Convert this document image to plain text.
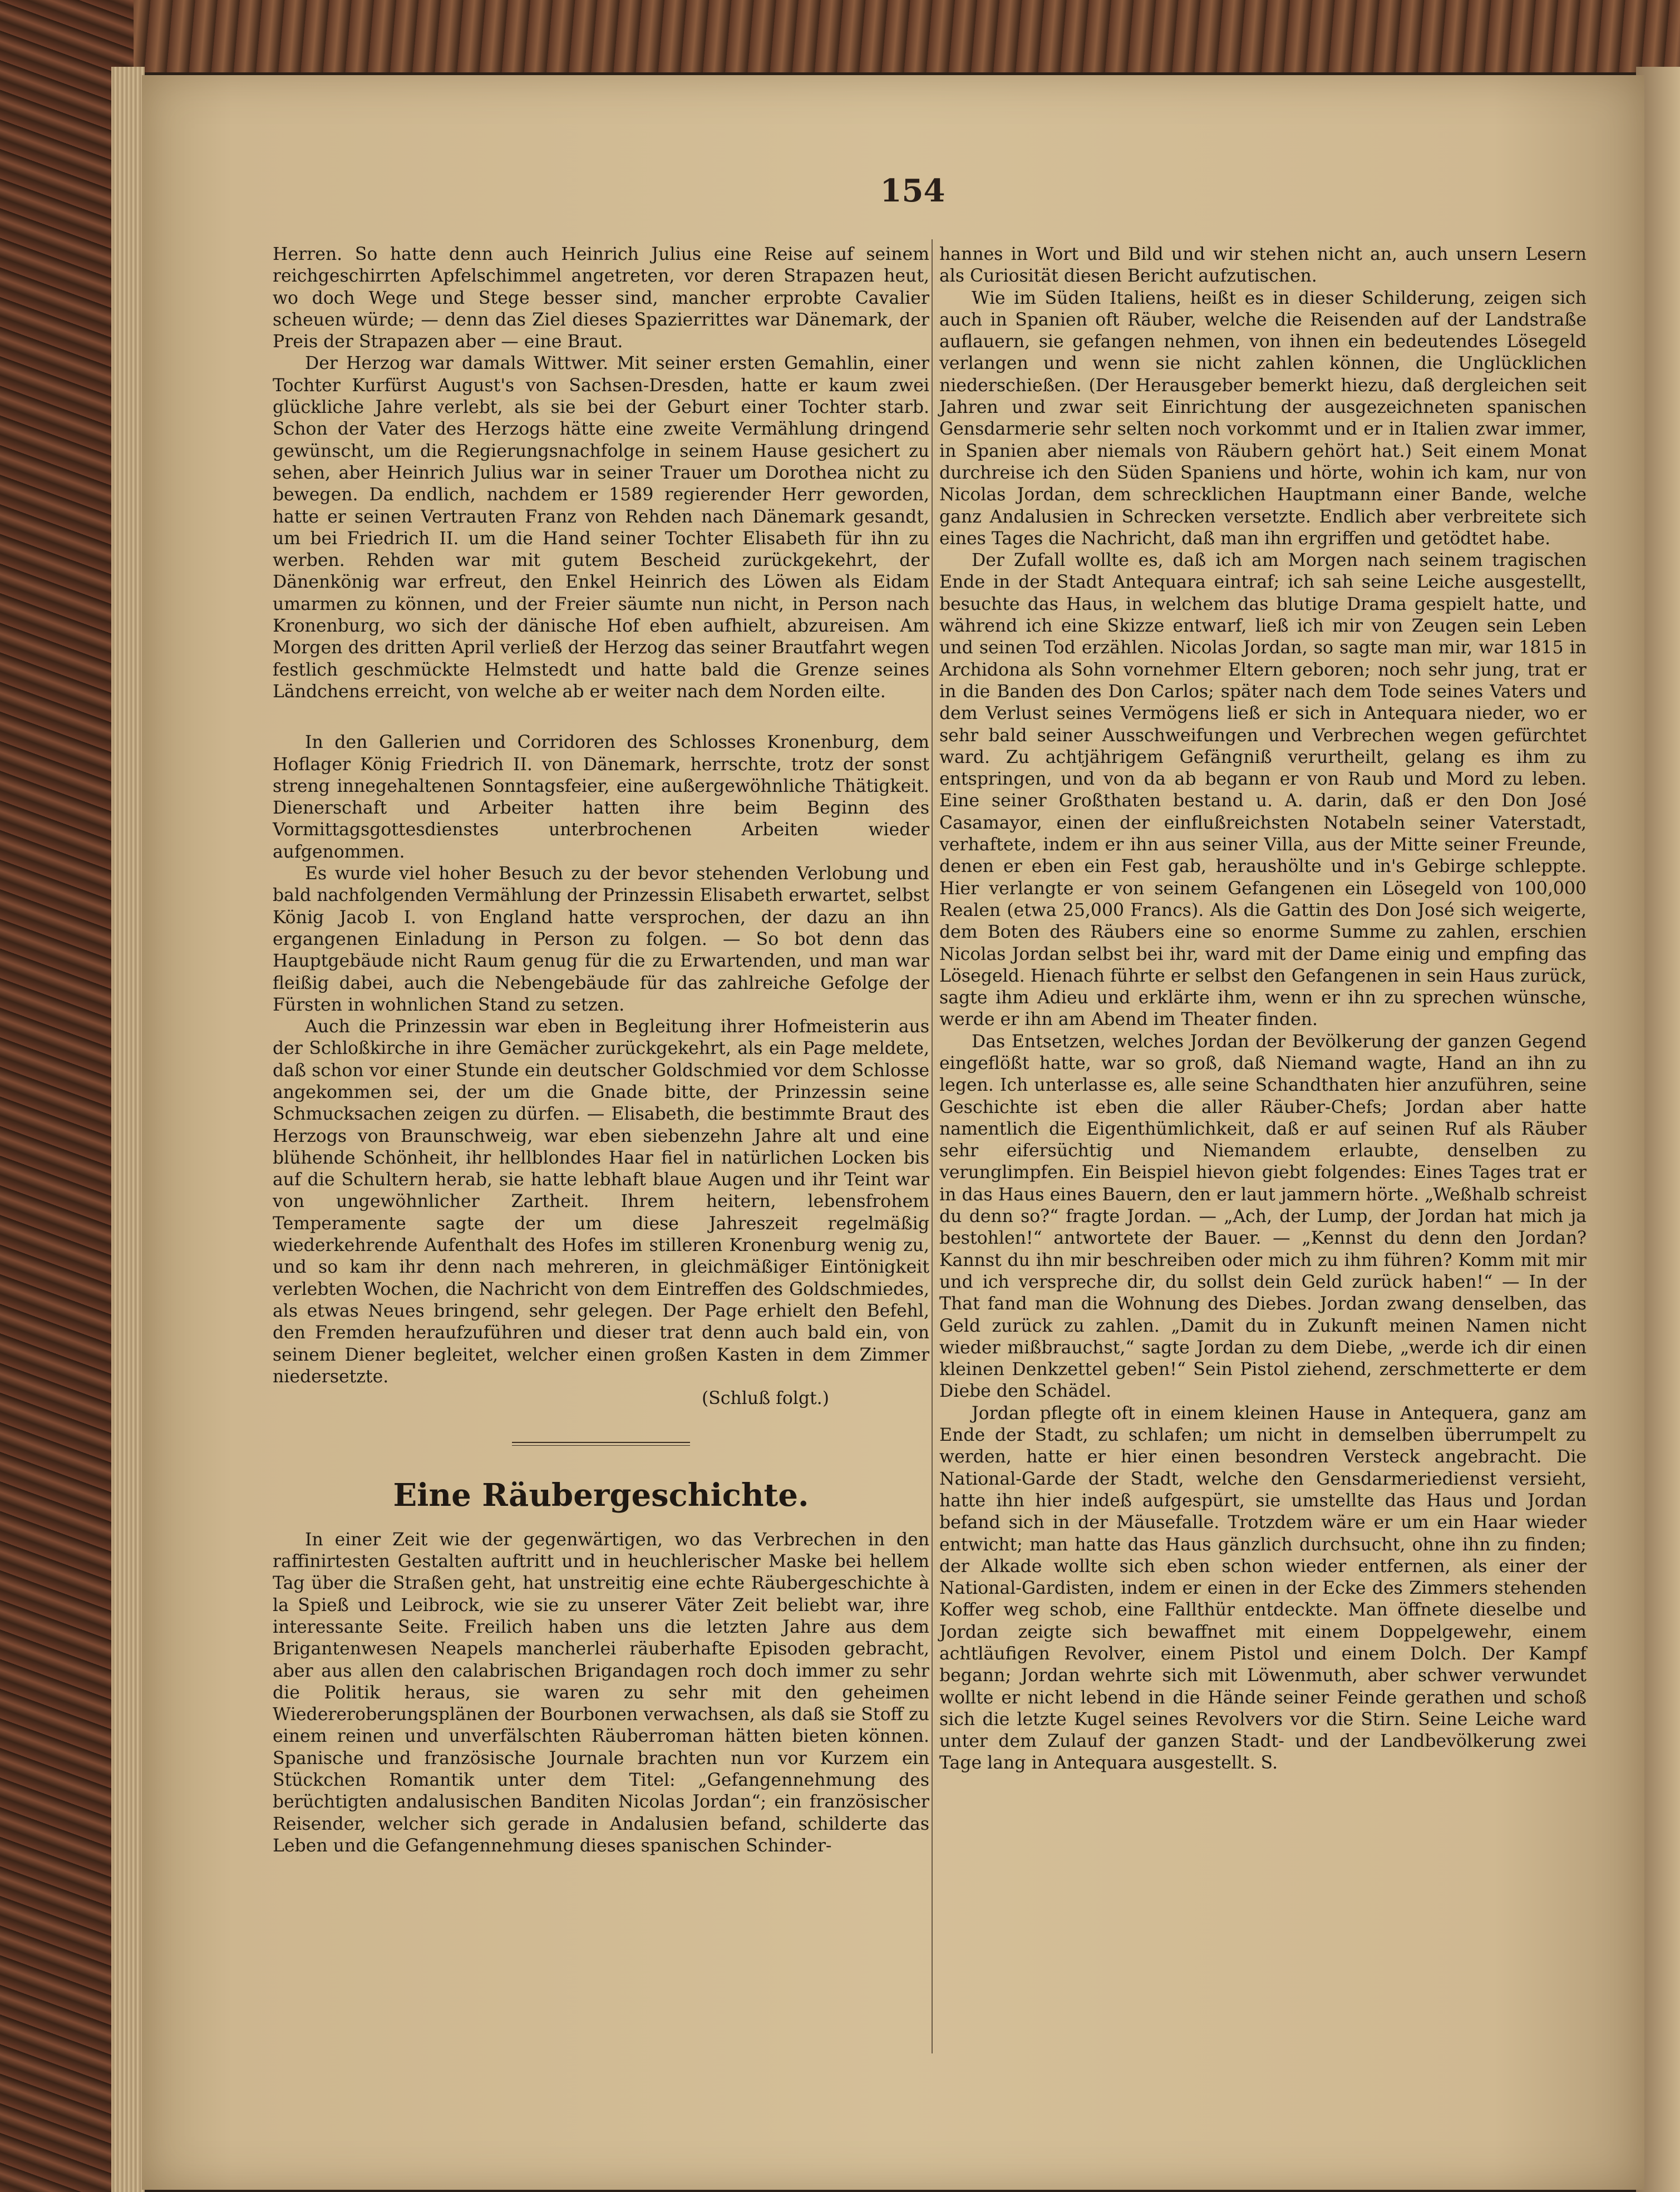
154

Herren. So hatte denn auch Heinrich Julius eine Reise auf seinem reichgeschirrten Apfelschimmel angetreten, vor deren Strapazen heut, wo doch Wege und Stege besser sind, mancher erprobte Cavalier scheuen würde; — denn das Ziel dieses Spazierrittes war Dänemark, der Preis der Strapazen aber — eine Braut.

Der Herzog war damals Wittwer. Mit seiner ersten Gemahlin, einer Tochter Kurfürst August's von Sachsen-Dresden, hatte er kaum zwei glückliche Jahre verlebt, als sie bei der Geburt einer Tochter starb. Schon der Vater des Herzogs hätte eine zweite Vermählung dringend gewünscht, um die Regierungsnachfolge in seinem Hause gesichert zu sehen, aber Heinrich Julius war in seiner Trauer um Dorothea nicht zu bewegen. Da endlich, nachdem er 1589 regierender Herr geworden, hatte er seinen Vertrauten Franz von Rehden nach Dänemark gesandt, um bei Friedrich II. um die Hand seiner Tochter Elisabeth für ihn zu werben. Rehden war mit gutem Bescheid zurückgekehrt, der Dänenkönig war erfreut, den Enkel Heinrich des Löwen als Eidam umarmen zu können, und der Freier säumte nun nicht, in Person nach Kronenburg, wo sich der dänische Hof eben aufhielt, abzureisen. Am Morgen des dritten April verließ der Herzog das seiner Brautfahrt wegen festlich geschmückte Helmstedt und hatte bald die Grenze seines Ländchens erreicht, von welche ab er weiter nach dem Norden eilte.

In den Gallerien und Corridoren des Schlosses Kronenburg, dem Hoflager König Friedrich II. von Dänemark, herrschte, trotz der sonst streng innegehaltenen Sonntagsfeier, eine außergewöhnliche Thätigkeit. Dienerschaft und Arbeiter hatten ihre beim Beginn des Vormittagsgottesdienstes unterbrochenen Arbeiten wieder aufgenommen.

Es wurde viel hoher Besuch zu der bevor stehenden Verlobung und bald nachfolgenden Vermählung der Prinzessin Elisabeth erwartet, selbst König Jacob I. von England hatte versprochen, der dazu an ihn ergangenen Einladung in Person zu folgen. — So bot denn das Hauptgebäude nicht Raum genug für die zu Erwartenden, und man war fleißig dabei, auch die Nebengebäude für das zahlreiche Gefolge der Fürsten in wohnlichen Stand zu setzen.

Auch die Prinzessin war eben in Begleitung ihrer Hofmeisterin aus der Schloßkirche in ihre Gemächer zurückgekehrt, als ein Page meldete, daß schon vor einer Stunde ein deutscher Goldschmied vor dem Schlosse angekommen sei, der um die Gnade bitte, der Prinzessin seine Schmucksachen zeigen zu dürfen. — Elisabeth, die bestimmte Braut des Herzogs von Braunschweig, war eben siebenzehn Jahre alt und eine blühende Schönheit, ihr hellblondes Haar fiel in natürlichen Locken bis auf die Schultern herab, sie hatte lebhaft blaue Augen und ihr Teint war von ungewöhnlicher Zartheit. Ihrem heitern, lebensfrohem Temperamente sagte der um diese Jahreszeit regelmäßig wiederkehrende Aufenthalt des Hofes im stilleren Kronenburg wenig zu, und so kam ihr denn nach mehreren, in gleichmäßiger Eintönigkeit verlebten Wochen, die Nachricht von dem Eintreffen des Goldschmiedes, als etwas Neues bringend, sehr gelegen. Der Page erhielt den Befehl, den Fremden heraufzuführen und dieser trat denn auch bald ein, von seinem Diener begleitet, welcher einen großen Kasten in dem Zimmer niedersetzte.

(Schluß folgt.)

Eine Räubergeschichte.

In einer Zeit wie der gegenwärtigen, wo das Verbrechen in den raffinirtesten Gestalten auftritt und in heuchlerischer Maske bei hellem Tag über die Straßen geht, hat unstreitig eine echte Räubergeschichte à la Spieß und Leibrock, wie sie zu unserer Väter Zeit beliebt war, ihre interessante Seite. Freilich haben uns die letzten Jahre aus dem Brigantenwesen Neapels mancherlei räuberhafte Episoden gebracht, aber aus allen den calabrischen Brigandagen roch doch immer zu sehr die Politik heraus, sie waren zu sehr mit den geheimen Wiedereroberungsplänen der Bourbonen verwachsen, als daß sie Stoff zu einem reinen und unverfälschten Räuberroman hätten bieten können. Spanische und französische Journale brachten nun vor Kurzem ein Stückchen Romantik unter dem Titel: „Gefangennehmung des berüchtigten andalusischen Banditen Nicolas Jordan“; ein französischer Reisender, welcher sich gerade in Andalusien befand, schilderte das Leben und die Gefangennehmung dieses spanischen Schinder-

hannes in Wort und Bild und wir stehen nicht an, auch unsern Lesern als Curiosität diesen Bericht aufzutischen.

Wie im Süden Italiens, heißt es in dieser Schilderung, zeigen sich auch in Spanien oft Räuber, welche die Reisenden auf der Landstraße auflauern, sie gefangen nehmen, von ihnen ein bedeutendes Lösegeld verlangen und wenn sie nicht zahlen können, die Unglücklichen niederschießen. (Der Herausgeber bemerkt hiezu, daß dergleichen seit Jahren und zwar seit Einrichtung der ausgezeichneten spanischen Gensdarmerie sehr selten noch vorkommt und er in Italien zwar immer, in Spanien aber niemals von Räubern gehört hat.) Seit einem Monat durchreise ich den Süden Spaniens und hörte, wohin ich kam, nur von Nicolas Jordan, dem schrecklichen Hauptmann einer Bande, welche ganz Andalusien in Schrecken versetzte. Endlich aber verbreitete sich eines Tages die Nachricht, daß man ihn ergriffen und getödtet habe.

Der Zufall wollte es, daß ich am Morgen nach seinem tragischen Ende in der Stadt Antequara eintraf; ich sah seine Leiche ausgestellt, besuchte das Haus, in welchem das blutige Drama gespielt hatte, und während ich eine Skizze entwarf, ließ ich mir von Zeugen sein Leben und seinen Tod erzählen. Nicolas Jordan, so sagte man mir, war 1815 in Archidona als Sohn vornehmer Eltern geboren; noch sehr jung, trat er in die Banden des Don Carlos; später nach dem Tode seines Vaters und dem Verlust seines Vermögens ließ er sich in Antequara nieder, wo er sehr bald seiner Ausschweifungen und Verbrechen wegen gefürchtet ward. Zu achtjährigem Gefängniß verurtheilt, gelang es ihm zu entspringen, und von da ab begann er von Raub und Mord zu leben. Eine seiner Großthaten bestand u. A. darin, daß er den Don José Casamayor, einen der einflußreichsten Notabeln seiner Vaterstadt, verhaftete, indem er ihn aus seiner Villa, aus der Mitte seiner Freunde, denen er eben ein Fest gab, heraushölte und in's Gebirge schleppte. Hier verlangte er von seinem Gefangenen ein Lösegeld von 100,000 Realen (etwa 25,000 Francs). Als die Gattin des Don José sich weigerte, dem Boten des Räubers eine so enorme Summe zu zahlen, erschien Nicolas Jordan selbst bei ihr, ward mit der Dame einig und empfing das Lösegeld. Hienach führte er selbst den Gefangenen in sein Haus zurück, sagte ihm Adieu und erklärte ihm, wenn er ihn zu sprechen wünsche, werde er ihn am Abend im Theater finden.

Das Entsetzen, welches Jordan der Bevölkerung der ganzen Gegend eingeflößt hatte, war so groß, daß Niemand wagte, Hand an ihn zu legen. Ich unterlasse es, alle seine Schandthaten hier anzuführen, seine Geschichte ist eben die aller Räuber-Chefs; Jordan aber hatte namentlich die Eigenthümlichkeit, daß er auf seinen Ruf als Räuber sehr eifersüchtig und Niemandem erlaubte, denselben zu verunglimpfen. Ein Beispiel hievon giebt folgendes: Eines Tages trat er in das Haus eines Bauern, den er laut jammern hörte. „Weßhalb schreist du denn so?“ fragte Jordan. — „Ach, der Lump, der Jordan hat mich ja bestohlen!“ antwortete der Bauer. — „Kennst du denn den Jordan? Kannst du ihn mir beschreiben oder mich zu ihm führen? Komm mit mir und ich verspreche dir, du sollst dein Geld zurück haben!“ — In der That fand man die Wohnung des Diebes. Jordan zwang denselben, das Geld zurück zu zahlen. „Damit du in Zukunft meinen Namen nicht wieder mißbrauchst,“ sagte Jordan zu dem Diebe, „werde ich dir einen kleinen Denkzettel geben!“ Sein Pistol ziehend, zerschmetterte er dem Diebe den Schädel.

Jordan pflegte oft in einem kleinen Hause in Antequera, ganz am Ende der Stadt, zu schlafen; um nicht in demselben überrumpelt zu werden, hatte er hier einen besondren Versteck angebracht. Die National-Garde der Stadt, welche den Gensdarmeriedienst versieht, hatte ihn hier indeß aufgespürt, sie umstellte das Haus und Jordan befand sich in der Mäusefalle. Trotzdem wäre er um ein Haar wieder entwicht; man hatte das Haus gänzlich durchsucht, ohne ihn zu finden; der Alkade wollte sich eben schon wieder entfernen, als einer der National-Gardisten, indem er einen in der Ecke des Zimmers stehenden Koffer weg schob, eine Fallthür entdeckte. Man öffnete dieselbe und Jordan zeigte sich bewaffnet mit einem Doppelgewehr, einem achtläufigen Revolver, einem Pistol und einem Dolch. Der Kampf begann; Jordan wehrte sich mit Löwenmuth, aber schwer verwundet wollte er nicht lebend in die Hände seiner Feinde gerathen und schoß sich die letzte Kugel seines Revolvers vor die Stirn. Seine Leiche ward unter dem Zulauf der ganzen Stadt- und der Landbevölkerung zwei Tage lang in Antequara ausgestellt. S.
